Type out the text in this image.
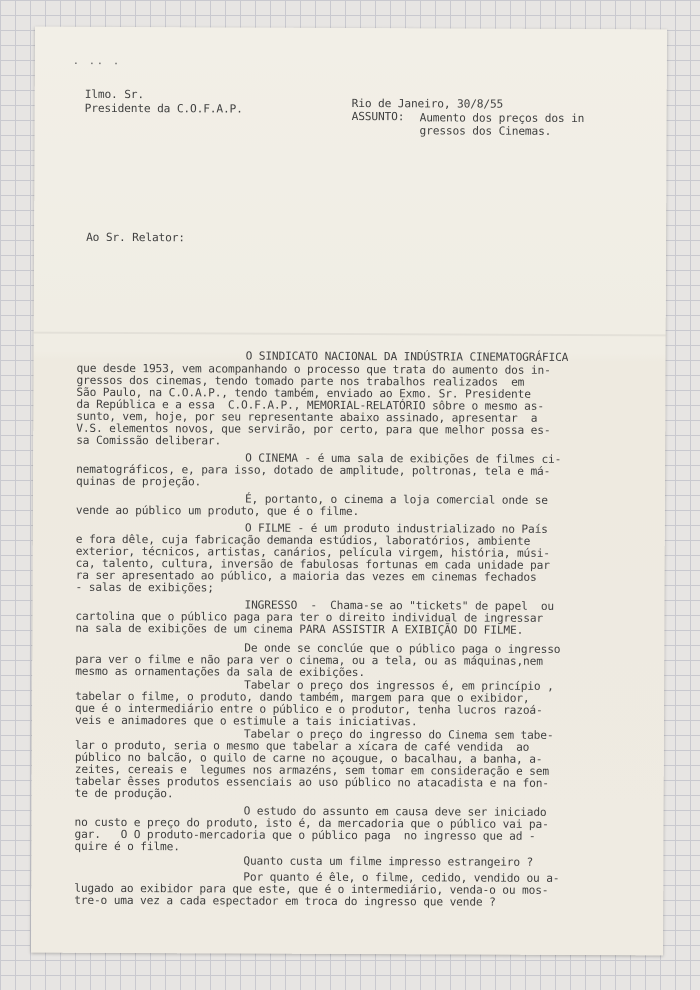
· ·· ·
Ilmo. Sr.
Presidente da C.O.F.A.P.	Rio de Janeiro, 30/8/55
ASSUNTO: Aumento dos preços dos in
gressos dos Cinemas.
Ao Sr. Relator:
O SINDICATO NACIONAL DA INDÚSTRIA CINEMATOGRÁFICA
que desde 1953, vem acompanhando o processo que trata do aumento dos in-
gressos dos cinemas, tendo tomado parte nos trabalhos realizados  em
São Paulo, na C.O.A.P., tendo também, enviado ao Exmo. Sr. Presidente
da República e a essa  C.O.F.A.P., MEMORIAL-RELATÓRIO sôbre o mesmo as-
sunto, vem, hoje, por seu representante abaixo assinado, apresentar  a
V.S. elementos novos, que servirão, por certo, para que melhor possa es-
sa Comissão deliberar.
O CINEMA - é uma sala de exibições de filmes ci-
nematográficos, e, para isso, dotado de amplitude, poltronas, tela e má-
quinas de projeção.
É, portanto, o cinema a loja comercial onde se
vende ao público um produto, que é o filme.
O FILME - é um produto industrializado no País
e fora dêle, cuja fabricação demanda estúdios, laboratórios, ambiente
exterior, técnicos, artistas, canários, película virgem, história, músi-
ca, talento, cultura, inversão de fabulosas fortunas em cada unidade par
ra ser apresentado ao público, a maioria das vezes em cinemas fechados
- salas de exibições;
INGRESSO  -  Chama-se ao "tickets" de papel  ou
cartolina que o público paga para ter o direito individual de ingressar
na sala de exibições de um cinema PARA ASSISTIR A EXIBIÇÃO DO FILME.
De onde se conclúe que o público paga o ingresso
para ver o filme e não para ver o cinema, ou a tela, ou as máquinas,nem
mesmo as ornamentações da sala de exibições.
Tabelar o preço dos ingressos é, em princípio ,
tabelar o filme, o produto, dando também, margem para que o exibidor,
que é o intermediário entre o público e o produtor, tenha lucros razoá-
veis e animadores que o estimule a tais iniciativas.
Tabelar o preço do ingresso do Cinema sem tabe-
lar o produto, seria o mesmo que tabelar a xícara de café vendida  ao
público no balcão, o quilo de carne no açougue, o bacalhau, a banha, a-
zeites, cereais e  legumes nos armazéns, sem tomar em consideração e sem
tabelar êsses produtos essenciais ao uso público no atacadista e na fon-
te de produção.
O estudo do assunto em causa deve ser iniciado
no custo e preço do produto, isto é, da mercadoria que o público vai pa-
gar.   O O produto-mercadoria que o público paga  no ingresso que ad -
quire é o filme.
Quanto custa um filme impresso estrangeiro ?
Por quanto é êle, o filme, cedido, vendido ou a-
lugado ao exibidor para que este, que é o intermediário, venda-o ou mos-
tre-o uma vez a cada espectador em troca do ingresso que vende ?
